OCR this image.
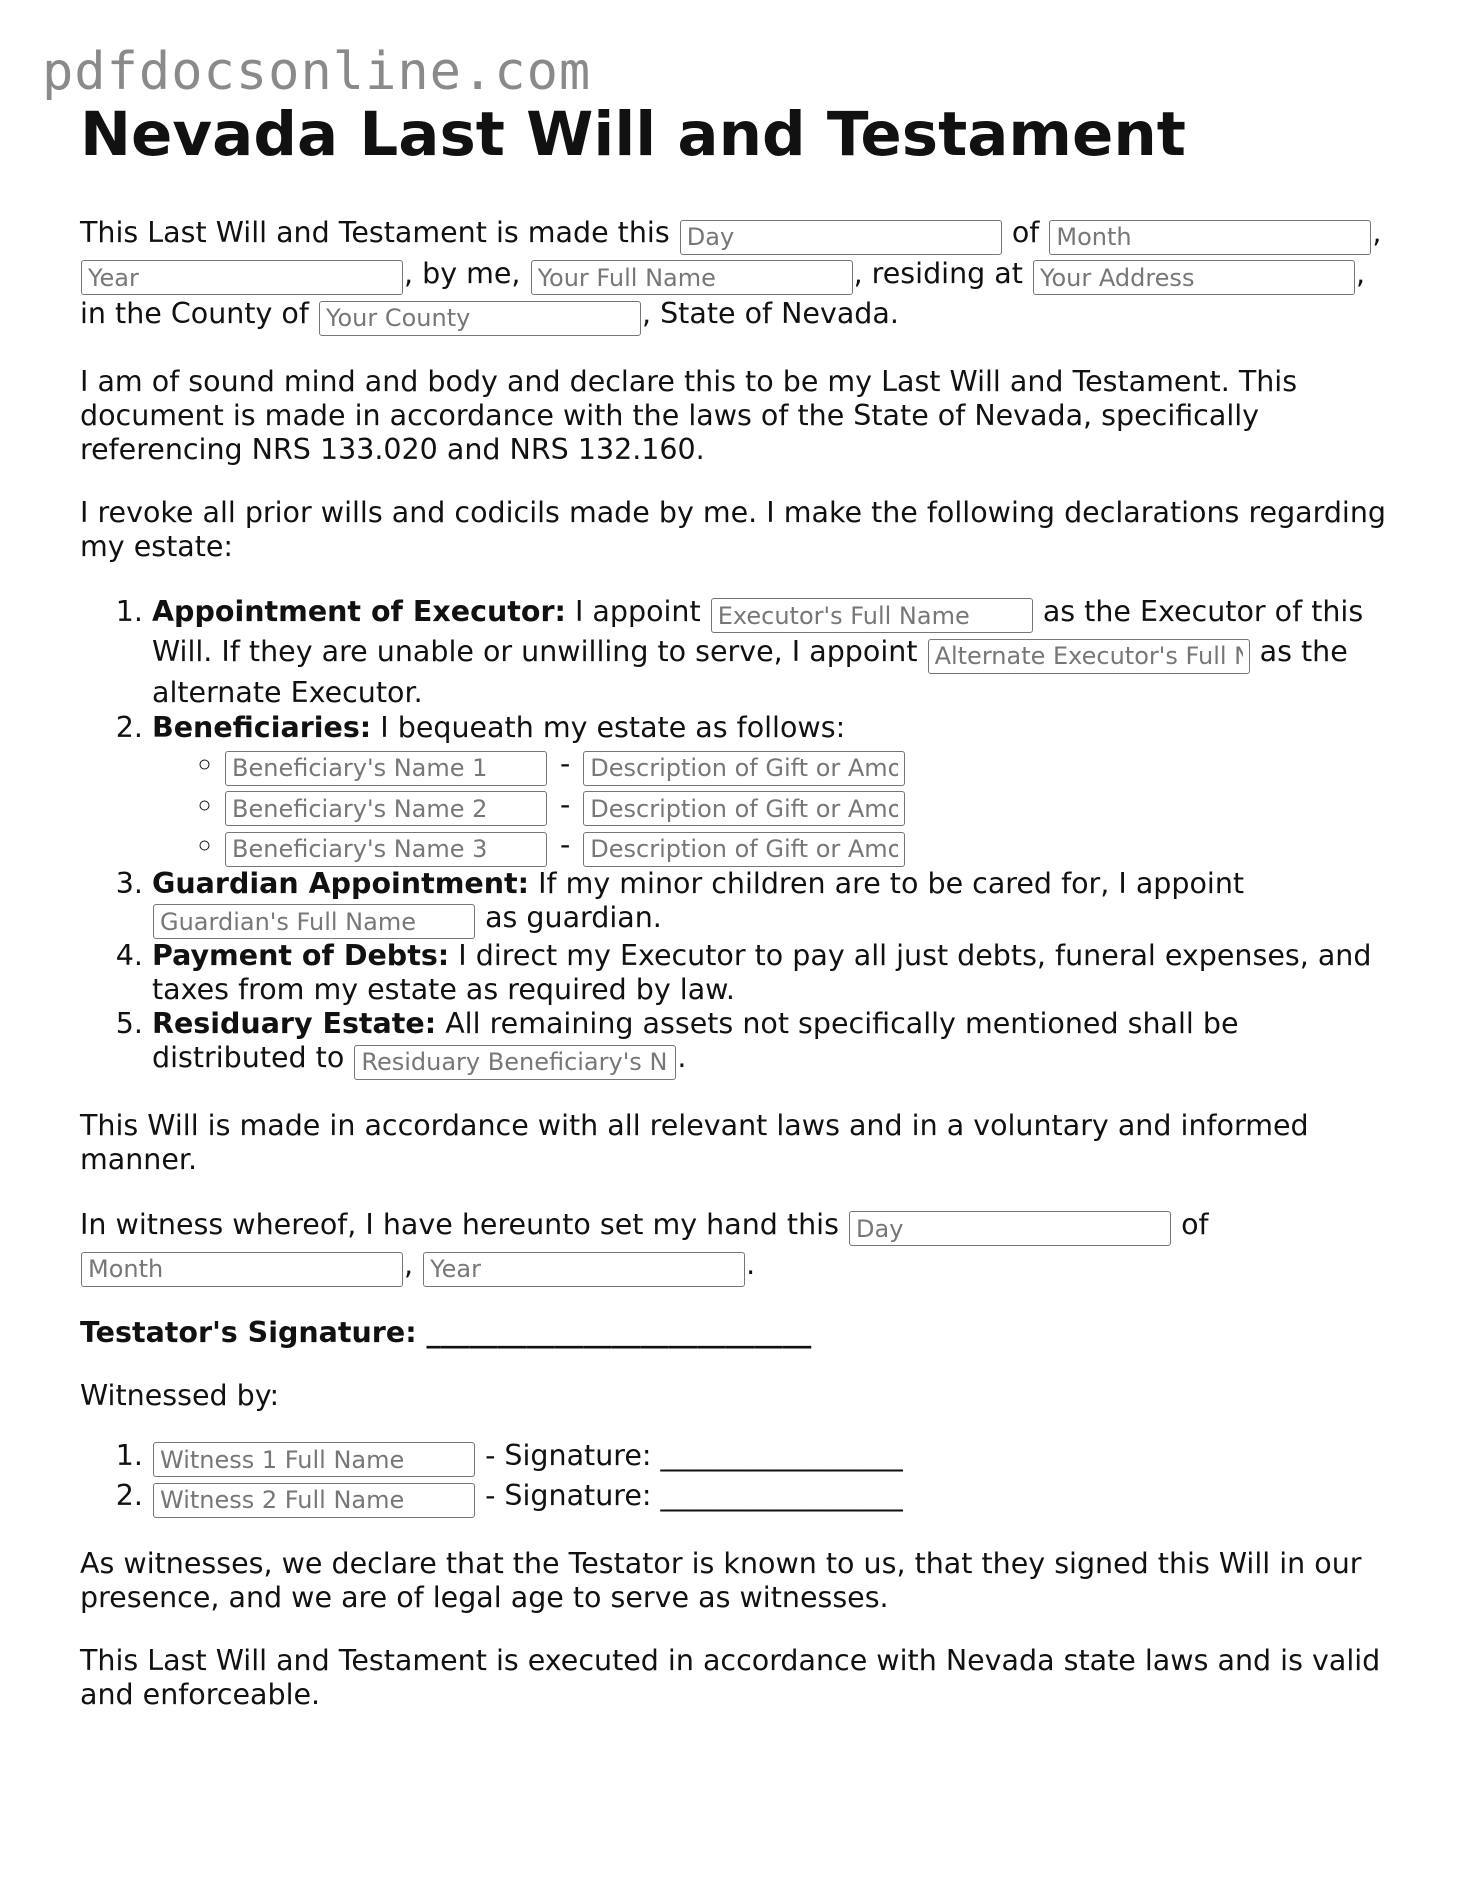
pdfdocsonline.com
Nevada Last Will and Testament

This Last Will and Testament is made this Day	of Month	, Year, by me, Your Full Name	, residing at Your Address	, in the County of Your County	, State of Nevada.

I am of sound mind and body and declare this to be my Last Will and Testament. This document is made in accordance with the laws of the State of Nevada, specifically referencing NRS 133.020 and NRS 132.160.

I revoke all prior wills and codicils made by me. I make the following declarations regarding my estate:

1. Appointment of Executor: I appoint Executor's Full Name	as the Executor of this Will. If they are unable or unwilling to serve, I appoint Alternate Executor's Full Name	as the alternate Executor.
2. Beneficiaries: I bequeath my estate as follows:
Beneficiary's Name 1 ◦ -Description of Gift or Amount
Beneficiary's Name 2 ◦ -Description of Gift or Amount
Beneficiary's Name 3 ◦ -Description of Gift or Amount
3. Guardian Appointment: If my minor children are to be cared for, I appoint Guardian's Full Name as guardian.
4. Payment of Debts: I direct my Executor to pay all just debts, funeral expenses, and taxes from my estate as required by law.
5. Residuary Estate: All remaining assets not specifically mentioned shall be distributed to Residuary Beneficiary's Name	.

This Will is made in accordance with all relevant laws and in a voluntary and informed manner.

In witness whereof, I have hereunto set my hand this Day	of Month, Year	.

Testator's Signature: ___________________________

Witnessed by:

Witness 1 Full Name 1. - Signature: _________________
Witness 2 Full Name 2. - Signature: _________________

As witnesses, we declare that the Testator is known to us, that they signed this Will in our presence, and we are of legal age to serve as witnesses.

This Last Will and Testament is executed in accordance with Nevada state laws and is valid and enforceable.
